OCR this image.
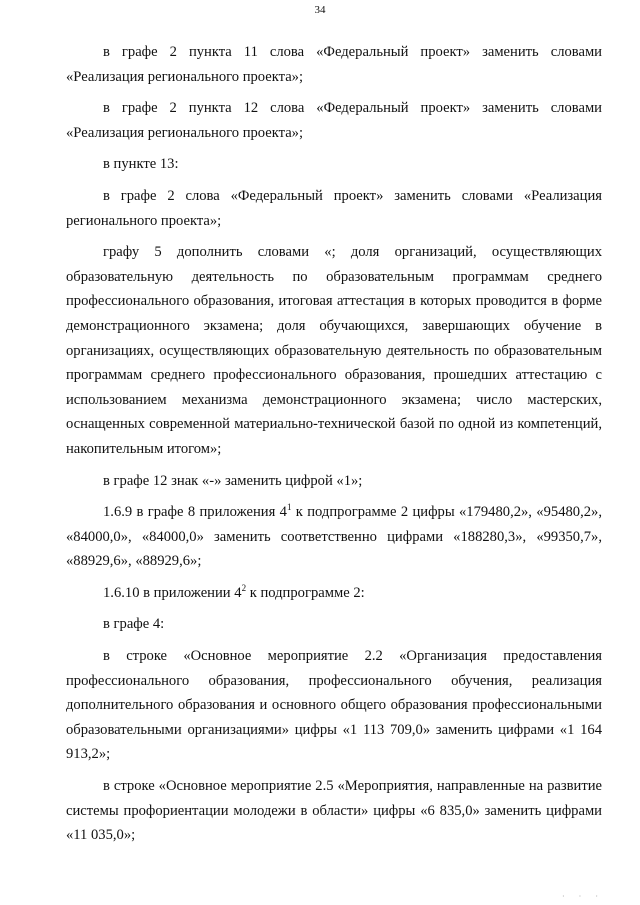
34

в графе 2 пункта 11 слова «Федеральный проект» заменить словами «Реализация регионального проекта»;

в графе 2 пункта 12 слова «Федеральный проект» заменить словами «Реализация регионального проекта»;

в пункте 13:

в графе 2 слова «Федеральный проект» заменить словами «Реализация регионального проекта»;

графу 5 дополнить словами «; доля организаций, осуществляющих образовательную деятельность по образовательным программам среднего профессионального образования, итоговая аттестация в которых проводится в форме демонстрационного экзамена; доля обучающихся, завершающих обучение в организациях, осуществляющих образовательную деятельность по образовательным программам среднего профессионального образования, прошедших аттестацию с использованием механизма демонстрационного экзамена; число мастерских, оснащенных современной материально-технической базой по одной из компетенций, накопительным итогом»;

в графе 12 знак «-» заменить цифрой «1»;

1.6.9 в графе 8 приложения $4^1$ к подпрограмме 2 цифры «179480,2», «95480,2», «84000,0», «84000,0» заменить соответственно цифрами «188280,3», «99350,7», «88929,6», «88929,6»;

1.6.10 в приложении $4^2$ к подпрограмме 2:

в графе 4:

в строке «Основное мероприятие 2.2 «Организация предоставления профессионального образования, профессионального обучения, реализация дополнительного образования и основного общего образования профессиональными образовательными организациями» цифры «1 113 709,0» заменить цифрами «1 164 913,2»;

в строке «Основное мероприятие 2.5 «Мероприятия, направленные на развитие системы профориентации молодежи в области» цифры «6 835,0» заменить цифрами «11 035,0»;

· · ·
